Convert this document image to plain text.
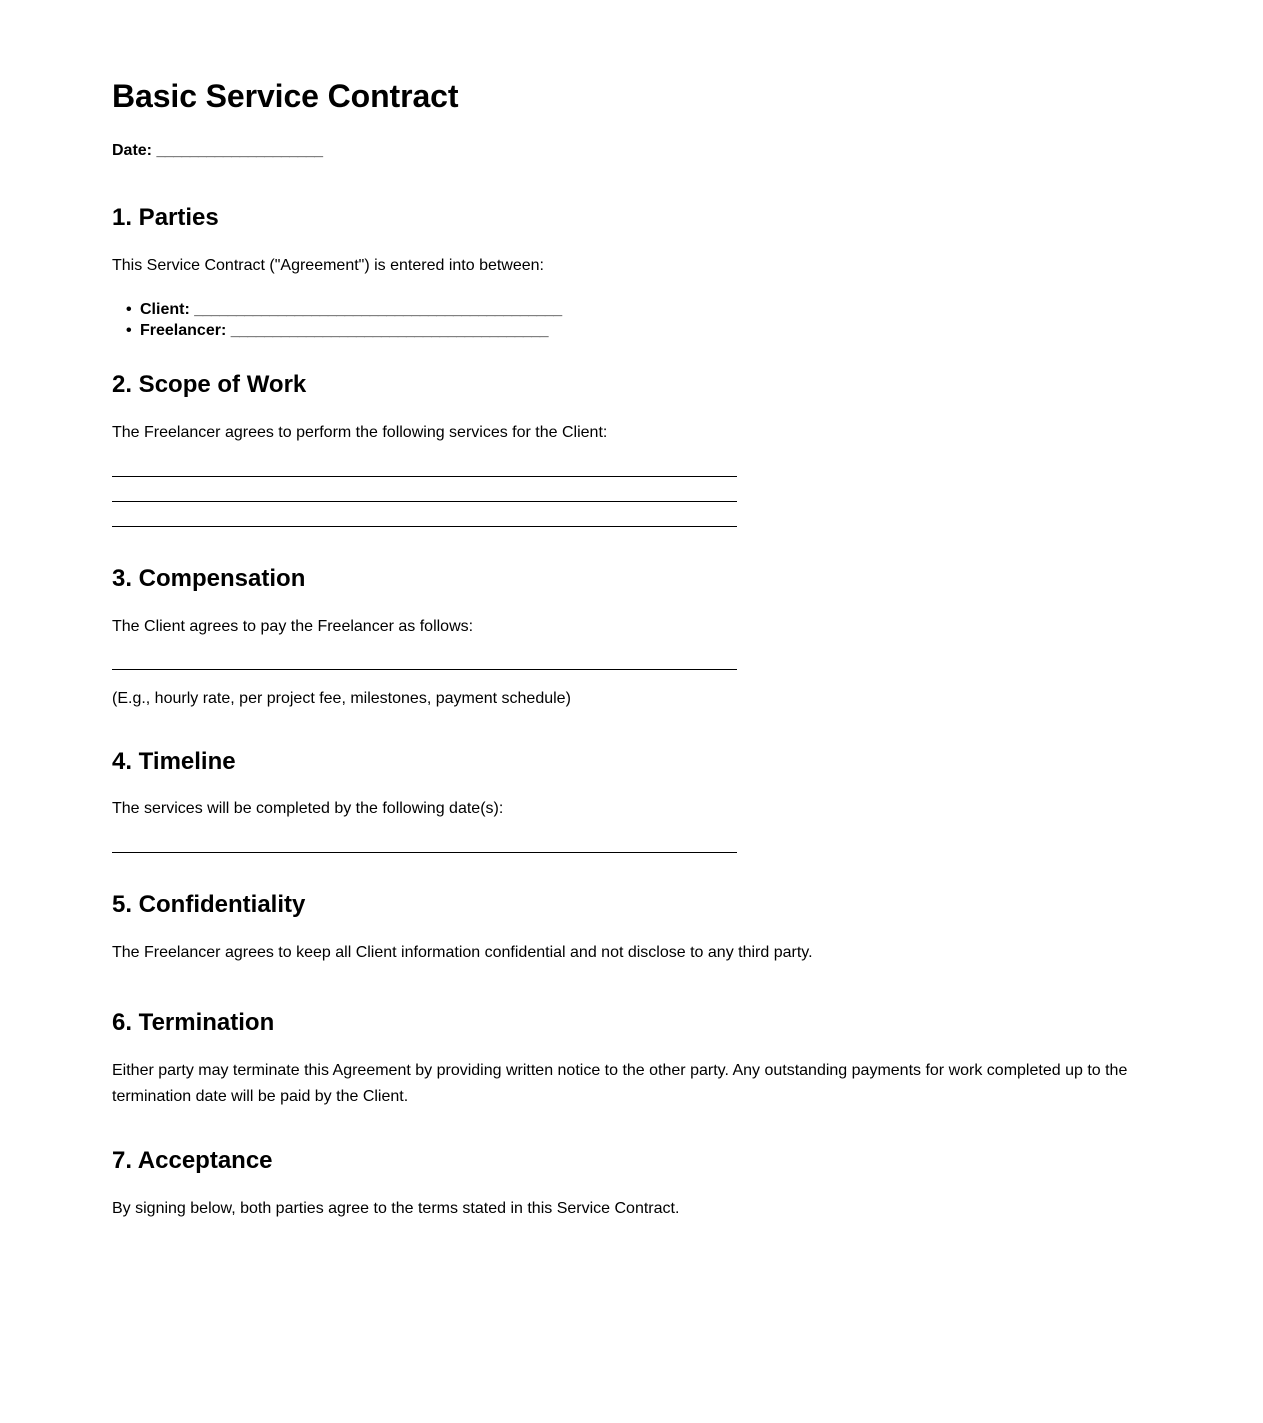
Basic Service Contract
Date: ____________________
1. Parties

This Service Contract ("Agreement") is entered into between:

• Client: ____________________________________________
• Freelancer: ______________________________________
2. Scope of Work

The Freelancer agrees to perform the following services for the Client:

3. Compensation

The Client agrees to pay the Freelancer as follows:

(E.g., hourly rate, per project fee, milestones, payment schedule)

4. Timeline

The services will be completed by the following date(s):

5. Confidentiality

The Freelancer agrees to keep all Client information confidential and not disclose to any third party.

6. Termination

Either party may terminate this Agreement by providing written notice to the other party. Any outstanding payments for work completed up to the termination date will be paid by the Client.

7. Acceptance

By signing below, both parties agree to the terms stated in this Service Contract.
